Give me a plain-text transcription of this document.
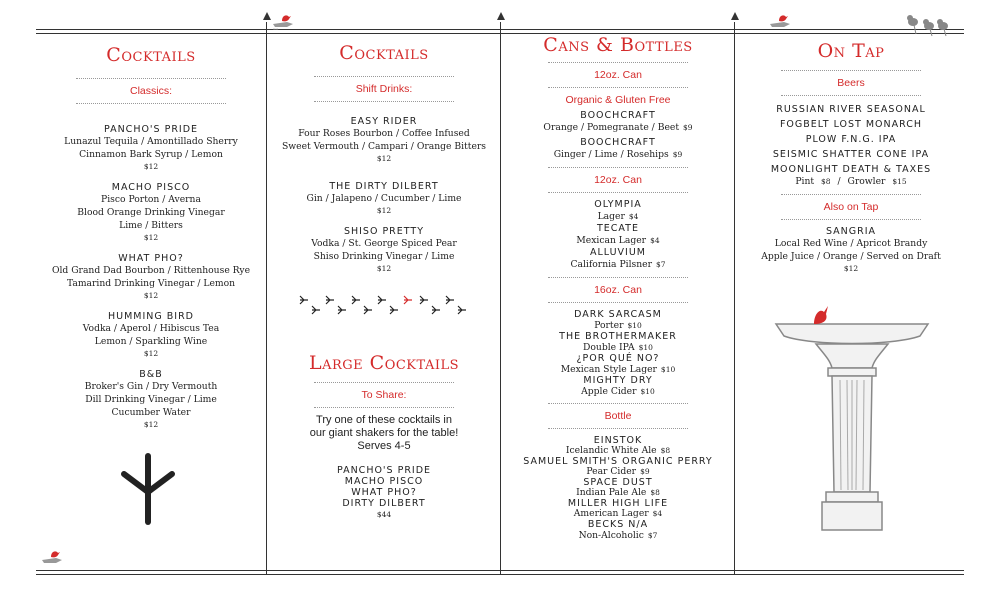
logo
Cocktails
Classics:
PANCHO'S PRIDE
Lunazul Tequila / Amontillado Sherry
Cinnamon Bark Syrup / Lemon
$12
MACHO PISCO
Pisco Porton / Averna
Blood Orange Drinking Vinegar
Lime / Bitters
$12
WHAT PHO?
Old Grand Dad Bourbon / Rittenhouse Rye
Tamarind Drinking Vinegar / Lemon
$12
HUMMING BIRD
Vodka / Aperol / Hibiscus Tea
Lemon / Sparkling Wine
$12
B&B
Broker's Gin / Dry Vermouth
Dill Drinking Vinegar / Lime
Cucumber Water
$12
Cocktails
Shift Drinks:
EASY RIDER
Four Roses Bourbon / Coffee Infused
Sweet Vermouth / Campari / Orange Bitters
$12
THE DIRTY DILBERT
Gin / Jalapeno / Cucumber / Lime
$12
SHISO PRETTY
Vodka / St. George Spiced Pear
Shiso Drinking Vinegar / Lime
$12
Large Cocktails
To Share:
Try one of these cocktails in
our giant shakers for the table!
Serves 4-5
PANCHO'S PRIDE
MACHO PISCO
WHAT PHO?
DIRTY DILBERT
$44
Cans & Bottles
12oz. Can
Organic & Gluten Free
BOOCHCRAFT
Orange / Pomegranate / Beet $9
BOOCHCRAFT
Ginger / Lime / Rosehips $9
12oz. Can
OLYMPIA
Lager $4
TECATE
Mexican Lager $4
ALLUVIUM
California Pilsner $7
16oz. Can
DARK SARCASM
Porter $10
THE BROTHERMAKER
Double IPA $10
¿POR QUÉ NO?
Mexican Style Lager $10
MIGHTY DRY
Apple Cider $10
Bottle
EINSTOK
Icelandic White Ale $8
SAMUEL SMITH'S ORGANIC PERRY
Pear Cider $9
SPACE DUST
Indian Pale Ale $8
MILLER HIGH LIFE
American Lager $4
BECKS N/A
Non-Alcoholic $7
On Tap
Beers
RUSSIAN RIVER SEASONAL
FOGBELT LOST MONARCH
PLOW F.N.G. IPA
SEISMIC SHATTER CONE IPA
MOONLIGHT DEATH & TAXES
Pint $8 / Growler $15
Also on Tap
SANGRIA
Local Red Wine / Apricot Brandy
Apple Juice / Orange / Served on Draft
$12
